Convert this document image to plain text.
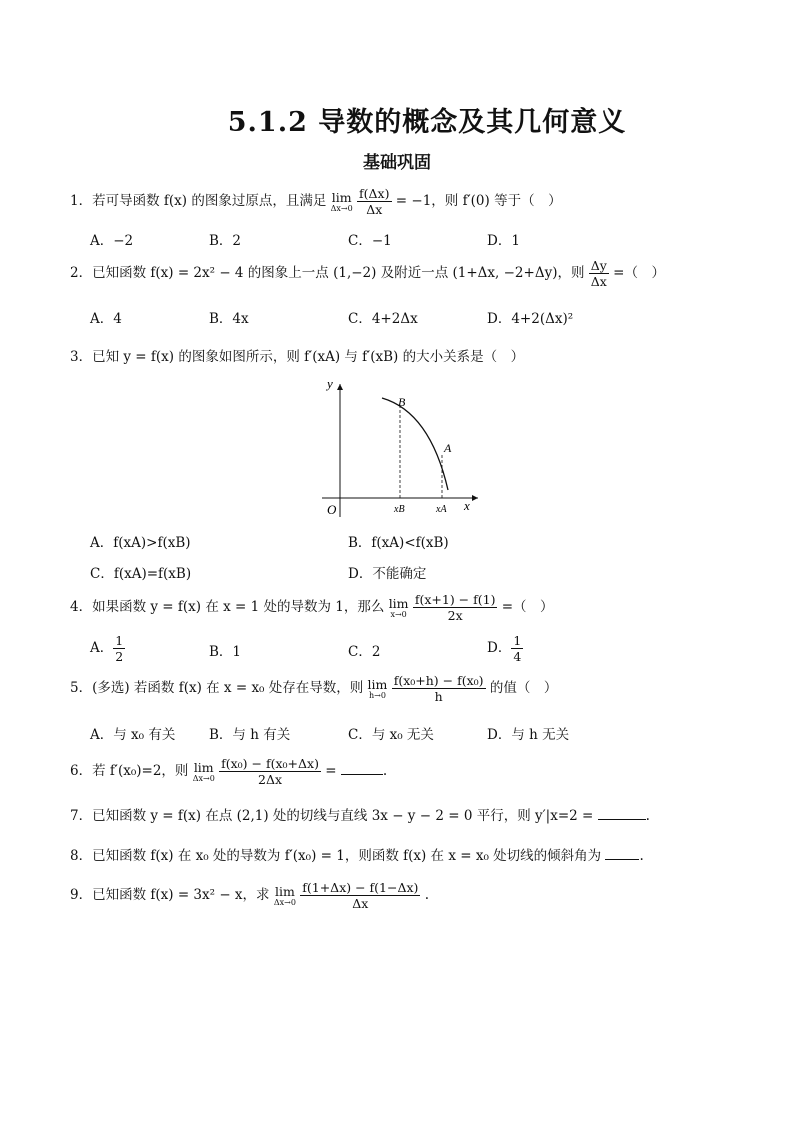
5.1.2 导数的概念及其几何意义
基础巩固
1．若可导函数 f(x) 的图象过原点，且满足 lim
Δx→0
$\frac{f(\Delta x)}{\Delta x} = -1$，则 f′(0) 等于（　）
A．−2	B．2	C．−1	D．1
2．已知函数 f(x) = 2x² − 4 的图象上一点 (1,−2) 及附近一点 (1+Δx, −2+Δy)，则 $\frac{\Delta y}{\Delta x}$ =（　）
A．4	B．4x	C．4+2Δx	D．4+2(Δx)²
3．已知 y = f(x) 的图象如图所示，则 f′(xA) 与 f′(xB) 的大小关系是（　）
y
x
O
B
A
xB	xA
A．f(xA)>f(xB)	B．f(xA)<f(xB)
C．f(xA)=f(xB)	D．不能确定
4．如果函数 y = f(x) 在 x = 1 处的导数为 1，那么 lim
x→0
$\frac{f(x+1) - f(1)}{2x}$ =（　）
A． $\frac{1}{2}$	B．1	C．2	D． $\frac{1}{4}$
5．(多选) 若函数 f(x) 在 x = x₀ 处存在导数，则 lim
h→0
$\frac{\text{f(x₀+h) − f(x₀)}}{h}$ 的值（　）
A．与 x₀ 有关 B．与 h 有关	C．与 x₀ 无关	D．与 h 无关
6．若 f′(x₀)=2，则 lim
Δx→0
$\frac{\text{f(x₀) − f(x₀+Δx)}}{2\Delta x}$ =	.
7．已知函数 y = f(x) 在点 (2,1) 处的切线与直线 3x − y − 2 = 0 平行，则 y′|x=2 =	.
8．已知函数 f(x) 在 x₀ 处的导数为 f′(x₀) = 1，则函数 f(x) 在 x = x₀ 处切线的倾斜角为	.
9．已知函数 f(x) = 3x² − x，求 lim
Δx→0
$\frac{f(1+\Delta x) - f(1-\Delta x)}{\Delta x}$ .
